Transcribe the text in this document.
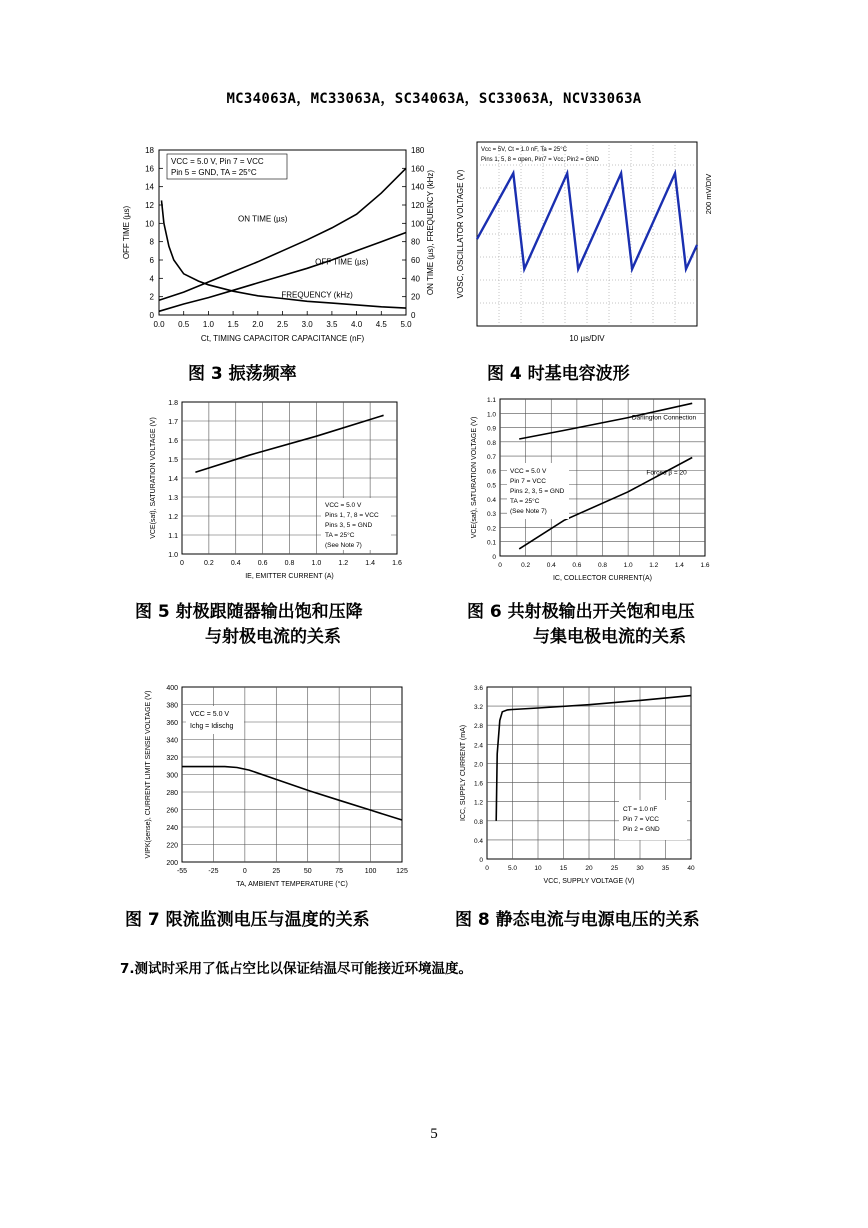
MC34063A，MC33063A，SC34063A，SC33063A，NCV33063A
0.0 0.5 1.0 1.5 2.0 2.5 3.0 3.5 4.0 4.5 5.0
0
2
4
6
8
10
12
14
16
18
0
20
40
60
80
100
120
140
160
180
Ct, TIMING CAPACITOR CAPACITANCE (nF)
OFF TIME (µs)	ON TIME (µs), FREQUENCY (kHz)
VCC = 5.0 V, Pin 7 = VCC
Pin 5 = GND, TA = 25°C
ON TIME (µs)
OFF TIME (µs)
FREQUENCY (kHz)
图 3 振荡频率
Vcc = 5V, Ct = 1.0 nF, Ta = 25°C
Pins 1, 5, 8 = open, Pin7 = Vcc, Pin2 = GND
VOSC, OSCILLATOR VOLTAGE (V)	200 mV/DIV
10 µs/DIV
图 4 时基电容波形
0	0.2 0.4 0.6 0.8 1.0 1.2 1.4 1.6
1.0
1.1
1.2
1.3
1.4
1.5
1.6
1.7
1.8
IE, EMITTER CURRENT (A)
VCE(sat), SATURATION VOLTAGE (V)	VCC = 5.0 V
Pins 1, 7, 8 = VCC
Pins 3, 5 = GND
TA = 25°C
(See Note 7)
图 5 射极跟随器输出饱和压降
与射极电流的关系
0	0.2	0.4	0.6	0.8	1.0	1.2	1.4	1.6
0
0.1
0.2
0.3
0.4
0.5
0.6
0.7
0.8
0.9
1.0
1.1
IC, COLLECTOR CURRENT(A)
VCE(sat), SATURATION VOLTAGE (V)	VCC = 5.0 V
Pin 7 = VCC
Pins 2, 3, 5 = GND
TA = 25°C
(See Note 7)
Darlington Connection
Forced β = 20
图 6 共射极输出开关饱和电压
与集电极电流的关系
-55	-25	0	25	50	75	100	125
200
220
240
260
280
300
320
340
360
380
400
TA, AMBIENT TEMPERATURE (°C)
VIPK(sense), CURRENT LIMIT SENSE VOLTAGE (V)	VCC = 5.0 V
Ichg = Idischg
图 7 限流监测电压与温度的关系
0	5.0	10	15	20	25	30	35	40
0
0.4
0.8
1.2
1.6
2.0
2.4
2.8
3.2
3.6
VCC, SUPPLY VOLTAGE (V)
ICC, SUPPLY CURRENT (mA)	CT = 1.0 nF
Pin 7 = VCC
Pin 2 = GND
图 8 静态电流与电源电压的关系
7.测试时采用了低占空比以保证结温尽可能接近环境温度。
5
